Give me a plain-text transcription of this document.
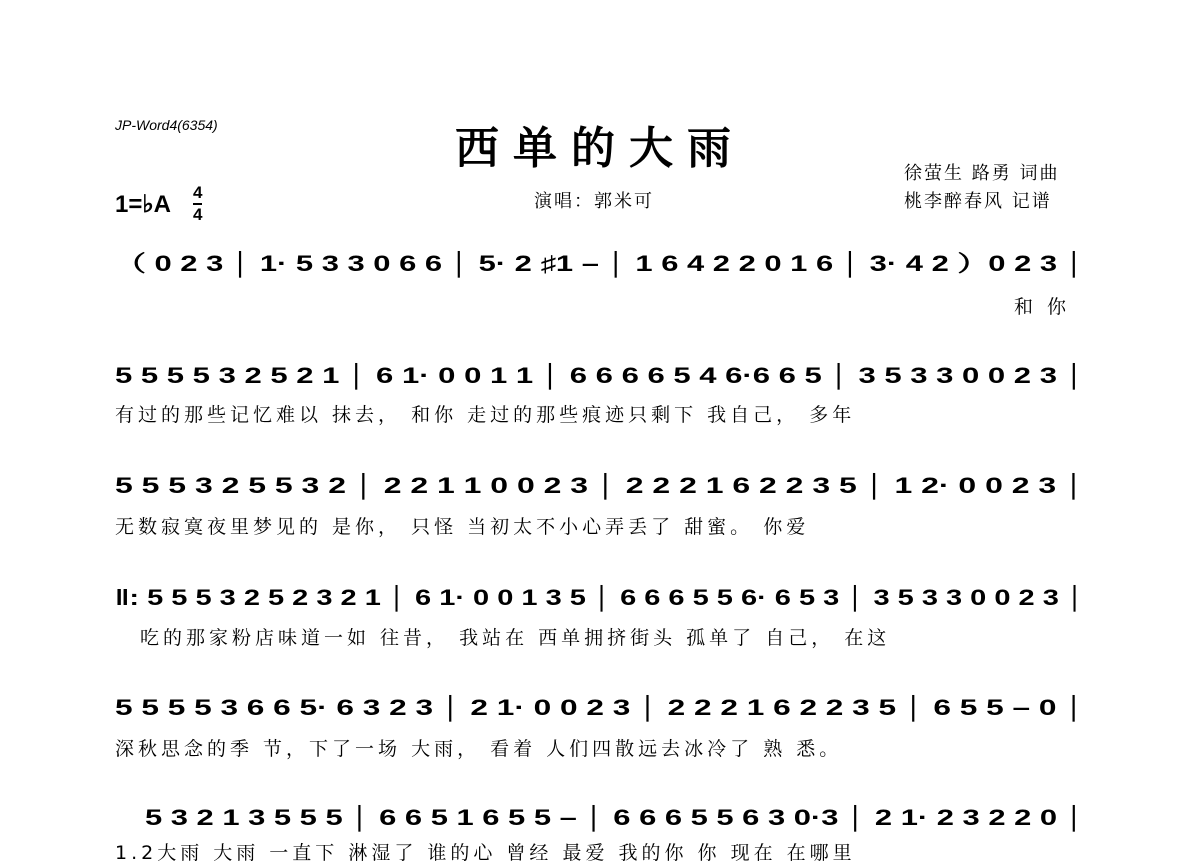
JP-Word4(6354)	西单的大雨	徐萤生 路勇 词曲
桃李醉春风 记谱
演唱：郭米可
1=♭A 4
4
（ 0 2 3 │ 1· 5 3 3 0 6 6 │ 5· 2 ♯1 – │ 1 6 4 2 2 0 1 6 │ 3· 4 2 ）0 2 3 │
和 你
5 5 5 5 3 2 5 2 1 │ 6 1· 0 0 1 1 │ 6 6 6 6 5 4 6·6 6 5 │ 3 5 3 3 0 0 2 3 │
有过的那些记忆难以 抹去， 和你 走过的那些痕迹只剩下 我自己， 多年
5 5 5 3 2 5 5 3 2 │ 2 2 1 1 0 0 2 3 │ 2 2 2 1 6 2 2 3 5 │ 1 2· 0 0 2 3 │
无数寂寞夜里梦见的 是你， 只怪 当初太不小心弄丢了 甜蜜。 你爱
‖: 5 5 5 3 2 5 2 3 2 1 │ 6 1· 0 0 1 3 5 │ 6 6 6 5 5 6· 6 5 3 │ 3 5 3 3 0 0 2 3 │
吃的那家粉店味道一如 往昔， 我站在 西单拥挤街头 孤单了 自己， 在这
5 5 5 5 3 6 6 5· 6 3 2 3 │ 2 1· 0 0 2 3 │ 2 2 2 1 6 2 2 3 5 │ 6 5 5 – 0 │
深秋思念的季 节，下了一场 大雨， 看着 人们四散远去冰冷了 熟 悉。
5 3 2 1 3 5 5 5 │ 6 6 5 1 6 5 5 – │ 6 6 6 5 5 6 3 0·3 │ 2 1· 2 3 2 2 0 │
1.2大雨 大雨 一直下 淋湿了 谁的心 曾经 最爱 我的你 你 现在 在哪里
